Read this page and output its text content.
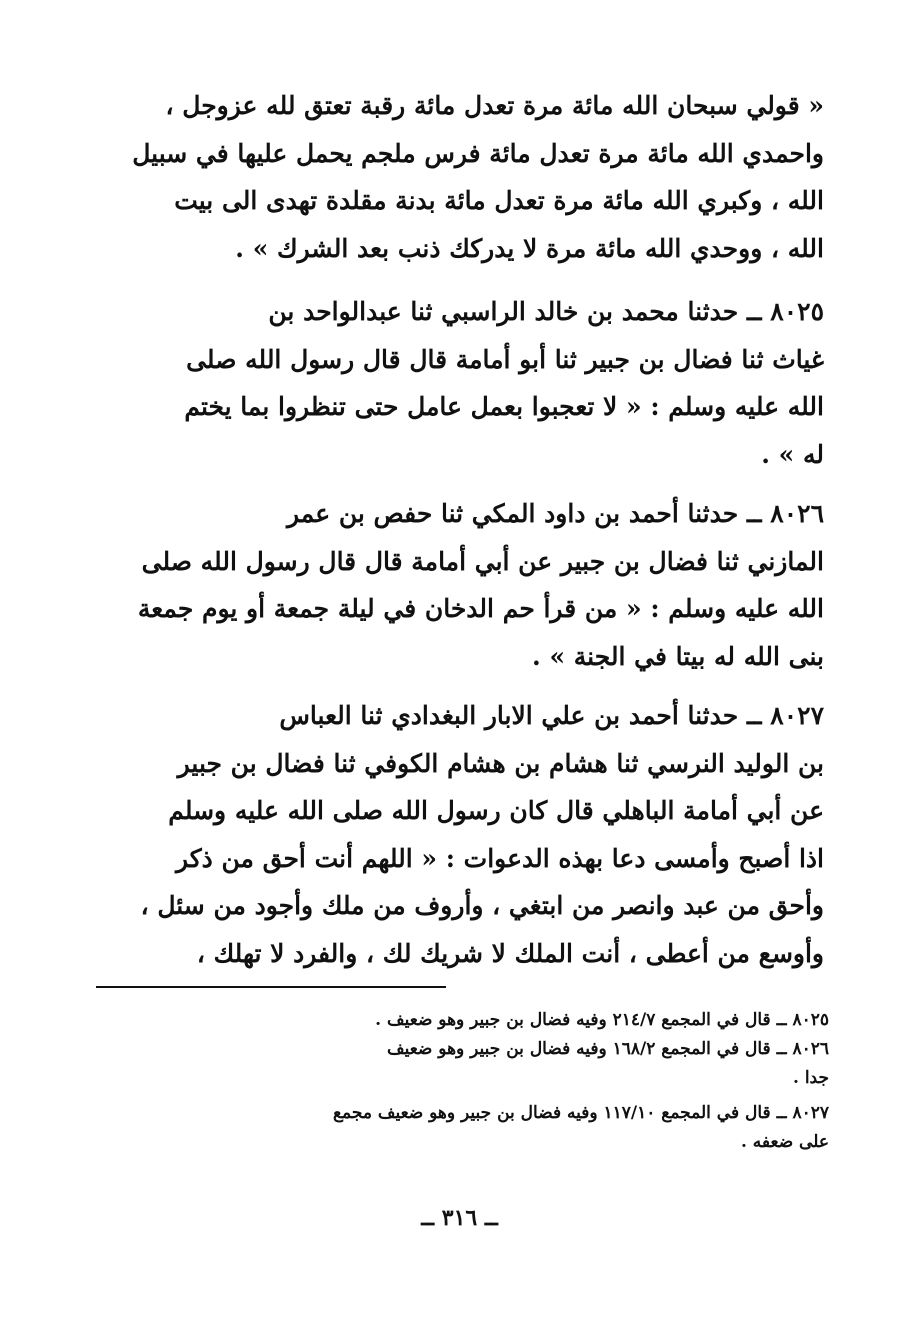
« قولي سبحان الله مائة مرة تعدل مائة رقبة تعتق لله عزوجل ،
واحمدي الله مائة مرة تعدل مائة فرس ملجم يحمل عليها في سبيل
الله ، وكبري الله مائة مرة تعدل مائة بدنة مقلدة تهدى الى بيت
الله ، ووحدي الله مائة مرة لا يدركك ذنب بعد الشرك » .
٨٠٢٥ ــ حدثنا محمد بن خالد الراسبي ثنا عبدالواحد بن
غياث ثنا فضال بن جبير ثنا أبو أمامة قال قال رسول الله صلى
الله عليه وسلم : « لا تعجبوا بعمل عامل حتى تنظروا بما يختم
له » .
٨٠٢٦ ــ حدثنا أحمد بن داود المكي ثنا حفص بن عمر
المازني ثنا فضال بن جبير عن أبي أمامة قال قال رسول الله صلى
الله عليه وسلم : « من قرأ حم الدخان في ليلة جمعة أو يوم جمعة
بنى الله له بيتا في الجنة » .
٨٠٢٧ ــ حدثنا أحمد بن علي الابار البغدادي ثنا العباس
بن الوليد النرسي ثنا هشام بن هشام الكوفي ثنا فضال بن جبير
عن أبي أمامة الباهلي قال كان رسول الله صلى الله عليه وسلم
اذا أصبح وأمسى دعا بهذه الدعوات : « اللهم أنت أحق من ذكر
وأحق من عبد وانصر من ابتغي ، وأروف من ملك وأجود من سئل ،
وأوسع من أعطى ، أنت الملك لا شريك لك ، والفرد لا تهلك ،
٨٠٢٥ ــ قال في المجمع ٢١٤/٧ وفيه فضال بن جبير وهو ضعيف .
٨٠٢٦ ــ قال في المجمع ١٦٨/٢ وفيه فضال بن جبير وهو ضعيف
جدا .
٨٠٢٧ ــ قال في المجمع ١١٧/١٠ وفيه فضال بن جبير وهو ضعيف مجمع
على ضعفه .
ــ ٣١٦ ــ
